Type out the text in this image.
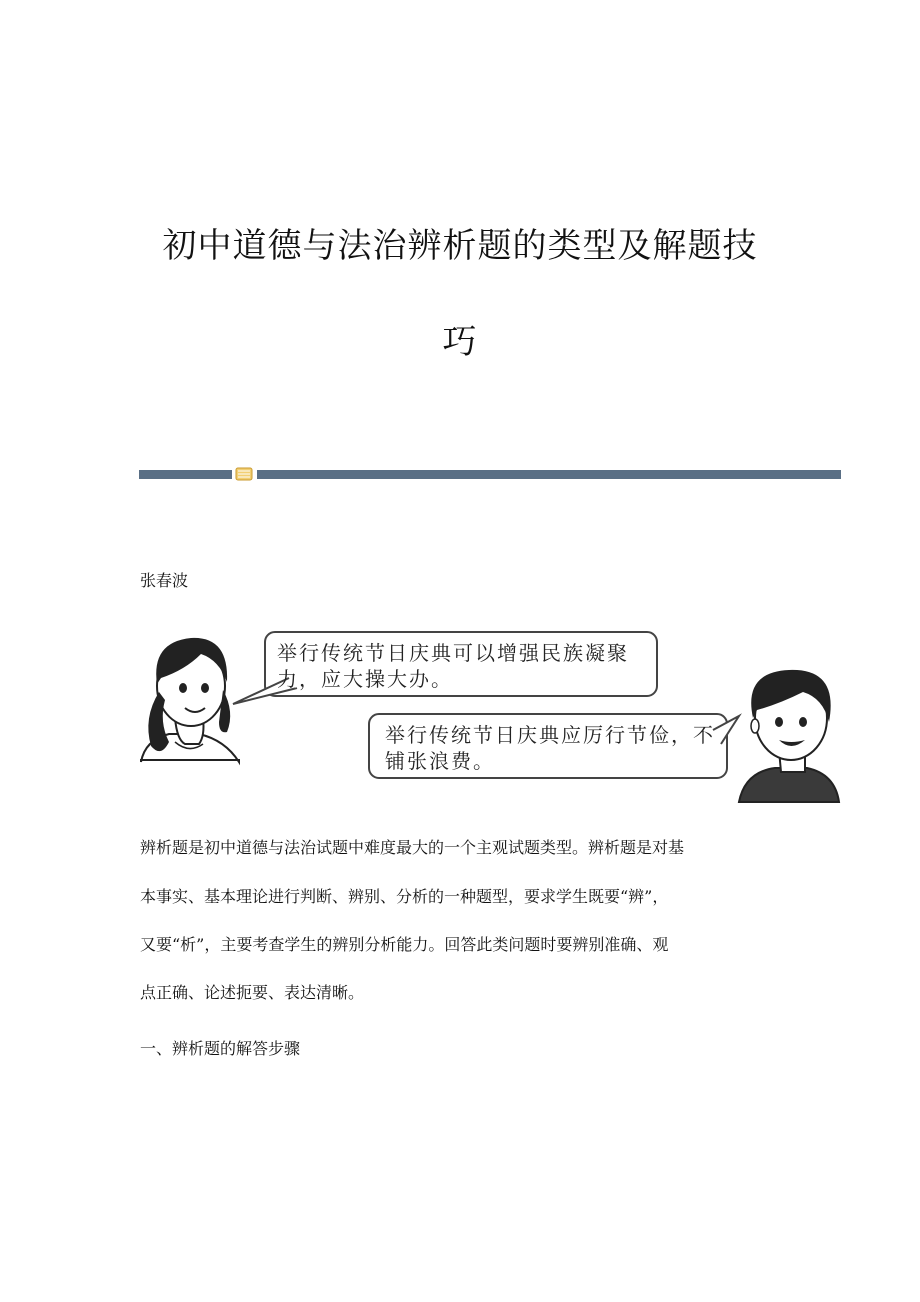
初中道德与法治辨析题的类型及解题技
巧
张春波
举行传统节日庆典可以增强民族凝聚力，应大操大办。
举行传统节日庆典应厉行节俭，不铺张浪费。
辨析题是初中道德与法治试题中难度最大的一个主观试题类型。辨析题是对基
本事实、基本理论进行判断、辨别、分析的一种题型，要求学生既要“辨”，
又要“析”，主要考查学生的辨别分析能力。回答此类问题时要辨别准确、观
点正确、论述扼要、表达清晰。
一、辨析题的解答步骤
